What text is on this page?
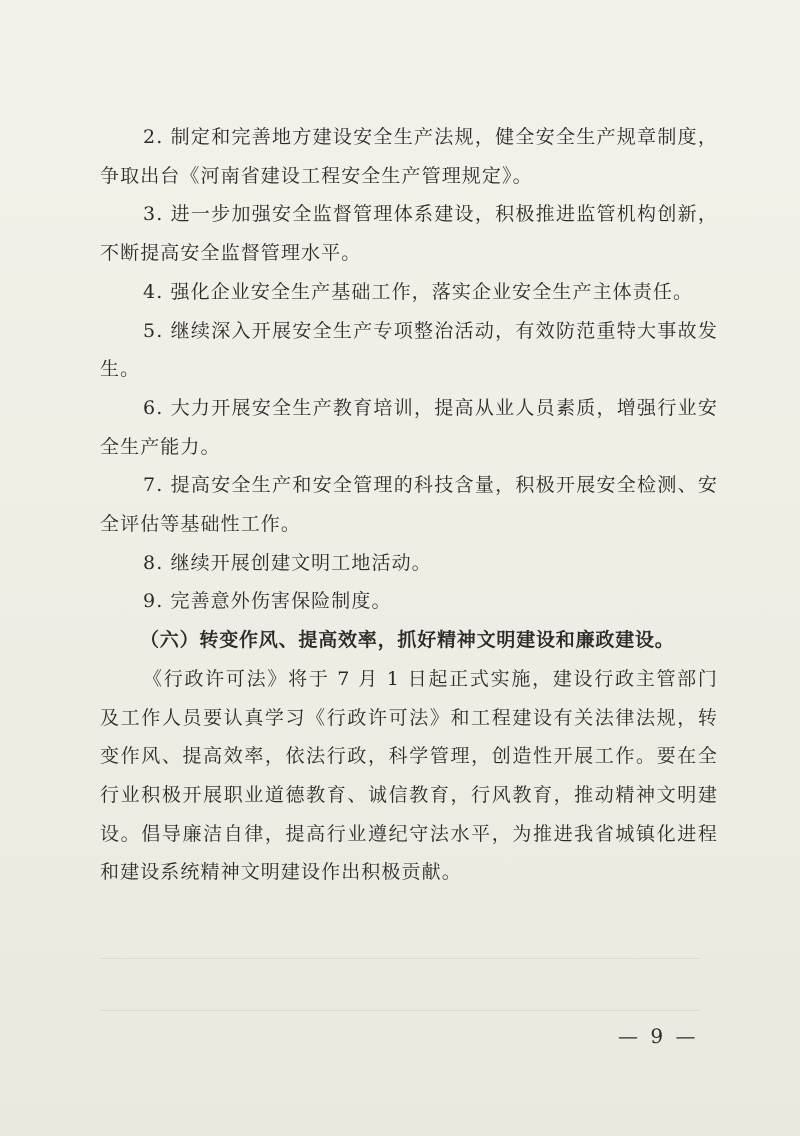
2. 制定和完善地方建设安全生产法规，健全安全生产规章制度，争取出台《河南省建设工程安全生产管理规定》。

3. 进一步加强安全监督管理体系建设，积极推进监管机构创新，不断提高安全监督管理水平。

4. 强化企业安全生产基础工作，落实企业安全生产主体责任。

5. 继续深入开展安全生产专项整治活动，有效防范重特大事故发生。

6. 大力开展安全生产教育培训，提高从业人员素质，增强行业安全生产能力。

7. 提高安全生产和安全管理的科技含量，积极开展安全检测、安全评估等基础性工作。

8. 继续开展创建文明工地活动。

9. 完善意外伤害保险制度。

（六）转变作风、提高效率，抓好精神文明建设和廉政建设。

《行政许可法》将于 7 月 1 日起正式实施，建设行政主管部门及工作人员要认真学习《行政许可法》和工程建设有关法律法规，转变作风、提高效率，依法行政，科学管理，创造性开展工作。要在全行业积极开展职业道德教育、诚信教育，行风教育，推动精神文明建设。倡导廉洁自律，提高行业遵纪守法水平，为推进我省城镇化进程和建设系统精神文明建设作出积极贡献。

— 9 —
